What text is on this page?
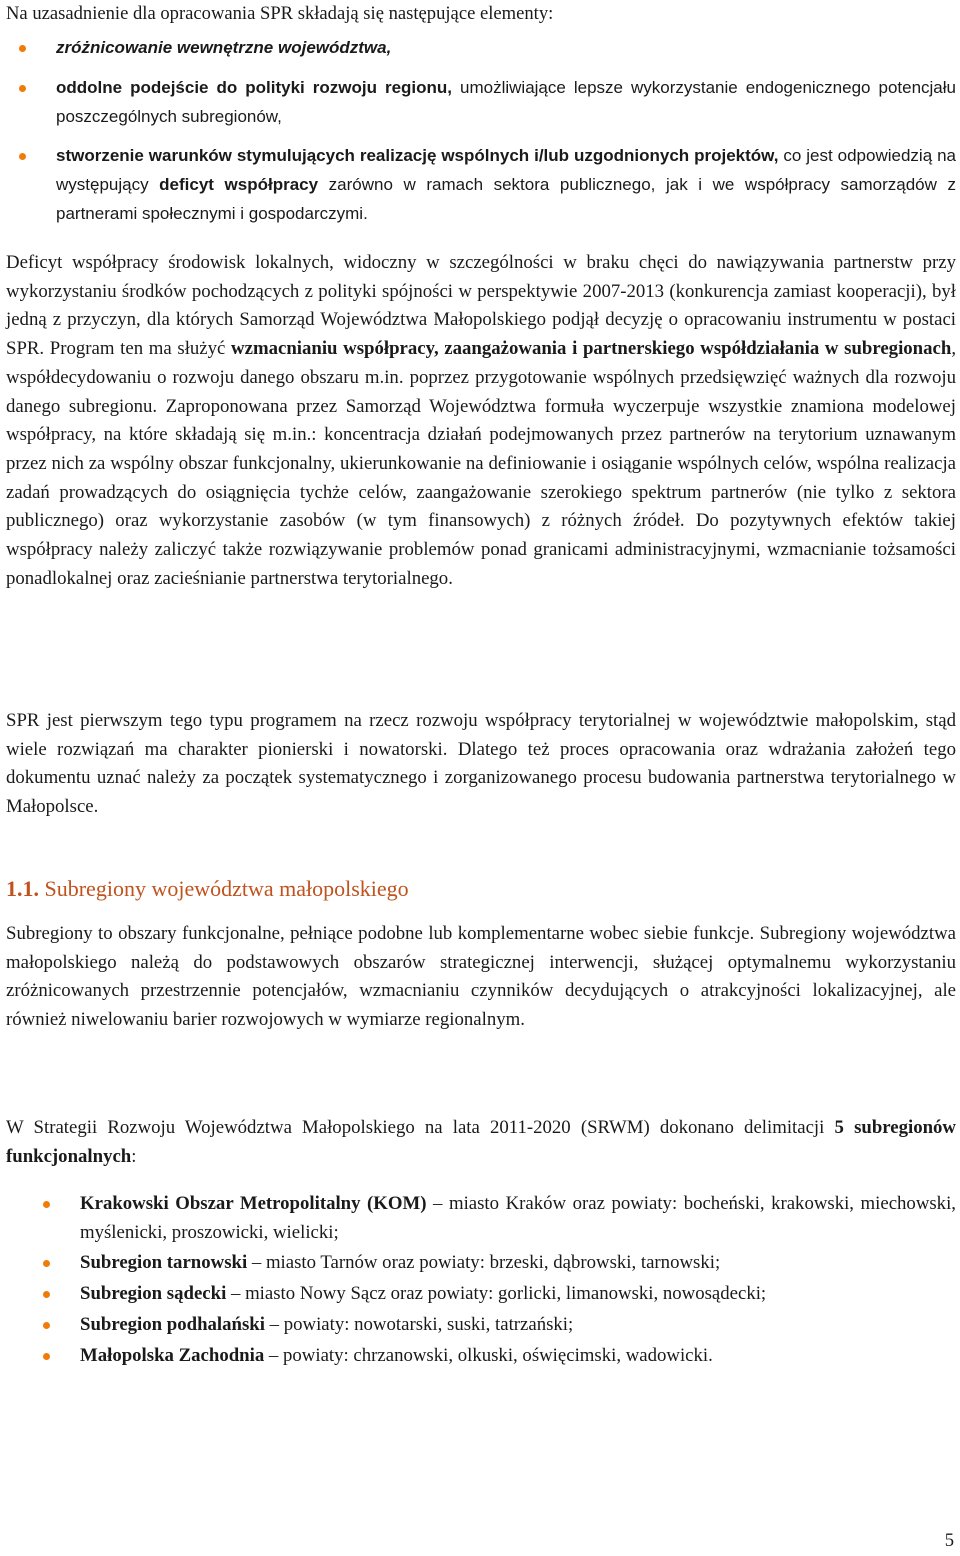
Na uzasadnienie dla opracowania SPR składają się następujące elementy:

zróżnicowanie wewnętrzne województwa,
oddolne podejście do polityki rozwoju regionu, umożliwiające lepsze wykorzystanie endogenicznego potencjału poszczególnych subregionów,
stworzenie warunków stymulujących realizację wspólnych i/lub uzgodnionych projektów, co jest odpowiedzią na występujący deficyt współpracy zarówno w ramach sektora publicznego, jak i we współpracy samorządów z partnerami społecznymi i gospodarczymi.

Deficyt współpracy środowisk lokalnych, widoczny w szczególności w braku chęci do nawiązywania partnerstw przy wykorzystaniu środków pochodzących z polityki spójności w perspektywie 2007-2013 (konkurencja zamiast kooperacji), był jedną z przyczyn, dla których Samorząd Województwa Małopolskiego podjął decyzję o opracowaniu instrumentu w postaci SPR. Program ten ma służyć wzmacnianiu współpracy, zaangażowania i partnerskiego współdziałania w subregionach, współdecydowaniu o rozwoju danego obszaru m.in. poprzez przygotowanie wspólnych przedsięwzięć ważnych dla rozwoju danego subregionu. Zaproponowana przez Samorząd Województwa formuła wyczerpuje wszystkie znamiona modelowej współpracy, na które składają się m.in.: koncentracja działań podejmowanych przez partnerów na terytorium uznawanym przez nich za wspólny obszar funkcjonalny, ukierunkowanie na definiowanie i osiąganie wspólnych celów, wspólna realizacja zadań prowadzących do osiągnięcia tychże celów, zaangażowanie szerokiego spektrum partnerów (nie tylko z sektora publicznego) oraz wykorzystanie zasobów (w tym finansowych) z różnych źródeł. Do pozytywnych efektów takiej współpracy należy zaliczyć także rozwiązywanie problemów ponad granicami administracyjnymi, wzmacnianie tożsamości ponadlokalnej oraz zacieśnianie partnerstwa terytorialnego.

SPR jest pierwszym tego typu programem na rzecz rozwoju współpracy terytorialnej w województwie małopolskim, stąd wiele rozwiązań ma charakter pionierski i nowatorski. Dlatego też proces opracowania oraz wdrażania założeń tego dokumentu uznać należy za początek systematycznego i zorganizowanego procesu budowania partnerstwa terytorialnego w Małopolsce.

1.1. Subregiony województwa małopolskiego

Subregiony to obszary funkcjonalne, pełniące podobne lub komplementarne wobec siebie funkcje. Subregiony województwa małopolskiego należą do podstawowych obszarów strategicznej interwencji, służącej optymalnemu wykorzystaniu zróżnicowanych przestrzennie potencjałów, wzmacnianiu czynników decydujących o atrakcyjności lokalizacyjnej, ale również niwelowaniu barier rozwojowych w wymiarze regionalnym.

W Strategii Rozwoju Województwa Małopolskiego na lata 2011-2020 (SRWM) dokonano delimitacji 5 subregionów funkcjonalnych:

Krakowski Obszar Metropolitalny (KOM) – miasto Kraków oraz powiaty: bocheński, krakowski, miechowski, myślenicki, proszowicki, wielicki;
Subregion tarnowski – miasto Tarnów oraz powiaty: brzeski, dąbrowski, tarnowski;
Subregion sądecki – miasto Nowy Sącz oraz powiaty: gorlicki, limanowski, nowosądecki;
Subregion podhalański – powiaty: nowotarski, suski, tatrzański;
Małopolska Zachodnia – powiaty: chrzanowski, olkuski, oświęcimski, wadowicki.
5
